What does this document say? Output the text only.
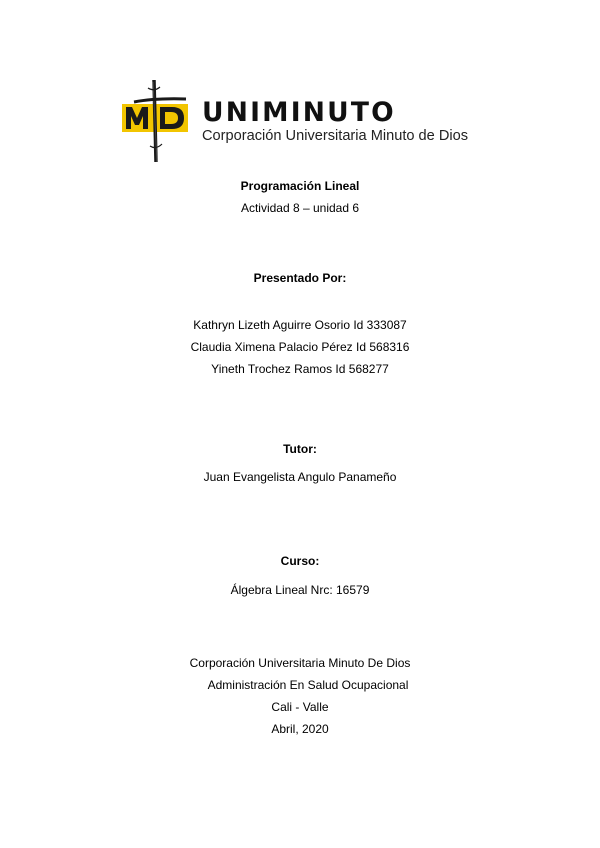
UNIMINUTO
Corporación Universitaria Minuto de Dios
Programación Lineal
Actividad 8 – unidad 6
Presentado Por:
Kathryn Lizeth Aguirre Osorio Id 333087
Claudia Ximena Palacio Pérez Id 568316
Yineth Trochez Ramos Id 568277
Tutor:
Juan Evangelista Angulo Panameño
Curso:
Álgebra Lineal Nrc: 16579
Corporación Universitaria Minuto De Dios
Administración En Salud Ocupacional
Cali - Valle
Abril, 2020
